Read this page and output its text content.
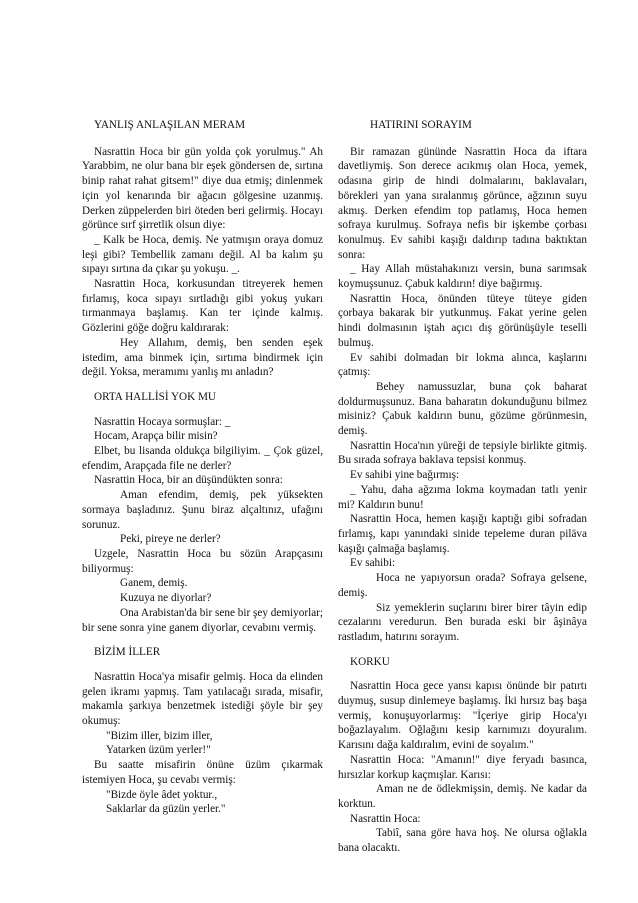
YANLIŞ ANLAŞILAN MERAM

Nasrattin Hoca bir gün yolda çok yorulmuş." Ah Yarabbim, ne olur bana bir eşek göndersen de, sırtına binip rahat rahat gitsem!" diye dua etmiş; dinlenmek için yol kenarında bir ağacın gölgesine uzanmış. Derken züppelerden biri öteden beri gelirmiş. Hocayı görünce sırf şirretlik olsun diye:

_ Kalk be Hoca, demiş. Ne yatmışın oraya domuz leşi gibi? Tembellik zamanı değil. Al ba kalım şu sıpayı sırtına da çıkar şu yokuşu. _.

Nasrattin Hoca, korkusundan titreyerek hemen fırlamış, koca sıpayı sırtladığı gibi yokuş yukarı tırmanmaya başlamış. Kan ter içinde kalmış. Gözlerini göğe doğru kaldırarak:

Hey Allahım, demiş, ben senden eşek istedim, ama binmek için, sırtıma bindirmek için değil. Yoksa, meramımı yanlış mı anladın?

ORTA HALLİSİ YOK MU

Nasrattin Hocaya sormuşlar: _

Hocam, Arapça bilir misin?

Elbet, bu lisanda oldukça bilgiliyim. _ Çok güzel, efendim, Arapçada file ne derler?

Nasrattin Hoca, bir an düşündükten sonra:

Aman efendim, demiş, pek yüksekten sormaya başladınız. Şunu biraz alçaltınız, ufağını sorunuz.

Peki, pireye ne derler?

Uzgele, Nasrattin Hoca bu sözün Arapçasını biliyormuş:

Ganem, demiş.

Kuzuya ne diyorlar?

Ona Arabistan'da bir sene bir şey demiyorlar; bir sene sonra yine ganem diyorlar, cevabını vermiş.

BİZİM İLLER

Nasrattin Hoca'ya misafir gelmiş. Hoca da elinden gelen ikramı yapmış. Tam yatılacağı sırada, misafir, makamla şarkıya benzetmek istediği şöyle bir şey okumuş:

"Bizim iller, bizim iller,

Yatarken üzüm yerler!"

Bu saatte misafirin önüne üzüm çıkarmak istemiyen Hoca, şu cevabı vermiş:

"Bizde öyle âdet yoktur.,

Saklarlar da güzün yerler."

HATIRINI SORAYIM

Bir ramazan gününde Nasrattin Hoca da iftara davetliymiş. Son derece acıkmış olan Hoca, yemek, odasına girip de hindi dolmalarını, baklavaları, börekleri yan yana sıralanmış görünce, ağzının suyu akmış. Derken efendim top patlamış, Hoca hemen sofraya kurulmuş. Sofraya nefis bir işkembe çorbası konulmuş. Ev sahibi kaşığı daldırıp tadına baktıktan sonra:

_ Hay Allah müstahakınızı versin, buna sarımsak koymuşsunuz. Çabuk kaldırın! diye bağırmış.

Nasrattin Hoca, önünden tüteye tüteye giden çorbaya bakarak bir yutkunmuş. Fakat yerine gelen hindi dolmasının iştah açıcı dış görünüşüyle teselli bulmuş.

Ev sahibi dolmadan bir lokma alınca, kaşlarını çatmış:

Behey namussuzlar, buna çok baharat doldurmuşsunuz. Bana baharatın dokunduğunu bilmez misiniz? Çabuk kaldırın bunu, gözüme görünmesin, demiş.

Nasrattin Hoca'nın yüreği de tepsiyle birlikte gitmiş. Bu sırada sofraya baklava tepsisi konmuş.

Ev sahibi yine bağırmış:

_ Yahu, daha ağzıma lokma koymadan tatlı yenir mi? Kaldırın bunu!

Nasrattin Hoca, hemen kaşığı kaptığı gibi sofradan fırlamış, kapı yanındaki sinide tepeleme duran piläva kaşığı çalmağa başlamış.

Ev sahibi:

Hoca ne yapıyorsun orada? Sofraya gelsene, demiş.

Siz yemeklerin suçlarını birer birer tâyin edip cezalarını veredurun. Ben burada eski bir âşinâya rastladım, hatırını sorayım.

KORKU

Nasrattin Hoca gece yansı kapısı önünde bir patırtı duymuş, susup dinlemeye başlamış. İki hırsız baş başa vermiş, konuşuyorlarmış: "İçeriye girip Hoca'yı boğazlayalım. Oğlağını kesip karnımızı doyuralım. Karısını dağa kaldıralım, evini de soyalım."

Nasrattin Hoca: "Amanın!" diye feryadı basınca, hırsızlar korkup kaçmışlar. Karısı:

Aman ne de ödlekmişsin, demiş. Ne kadar da korktun.

Nasrattin Hoca:

Tabiî, sana göre hava hoş. Ne olursa oğlakla bana olacaktı.
